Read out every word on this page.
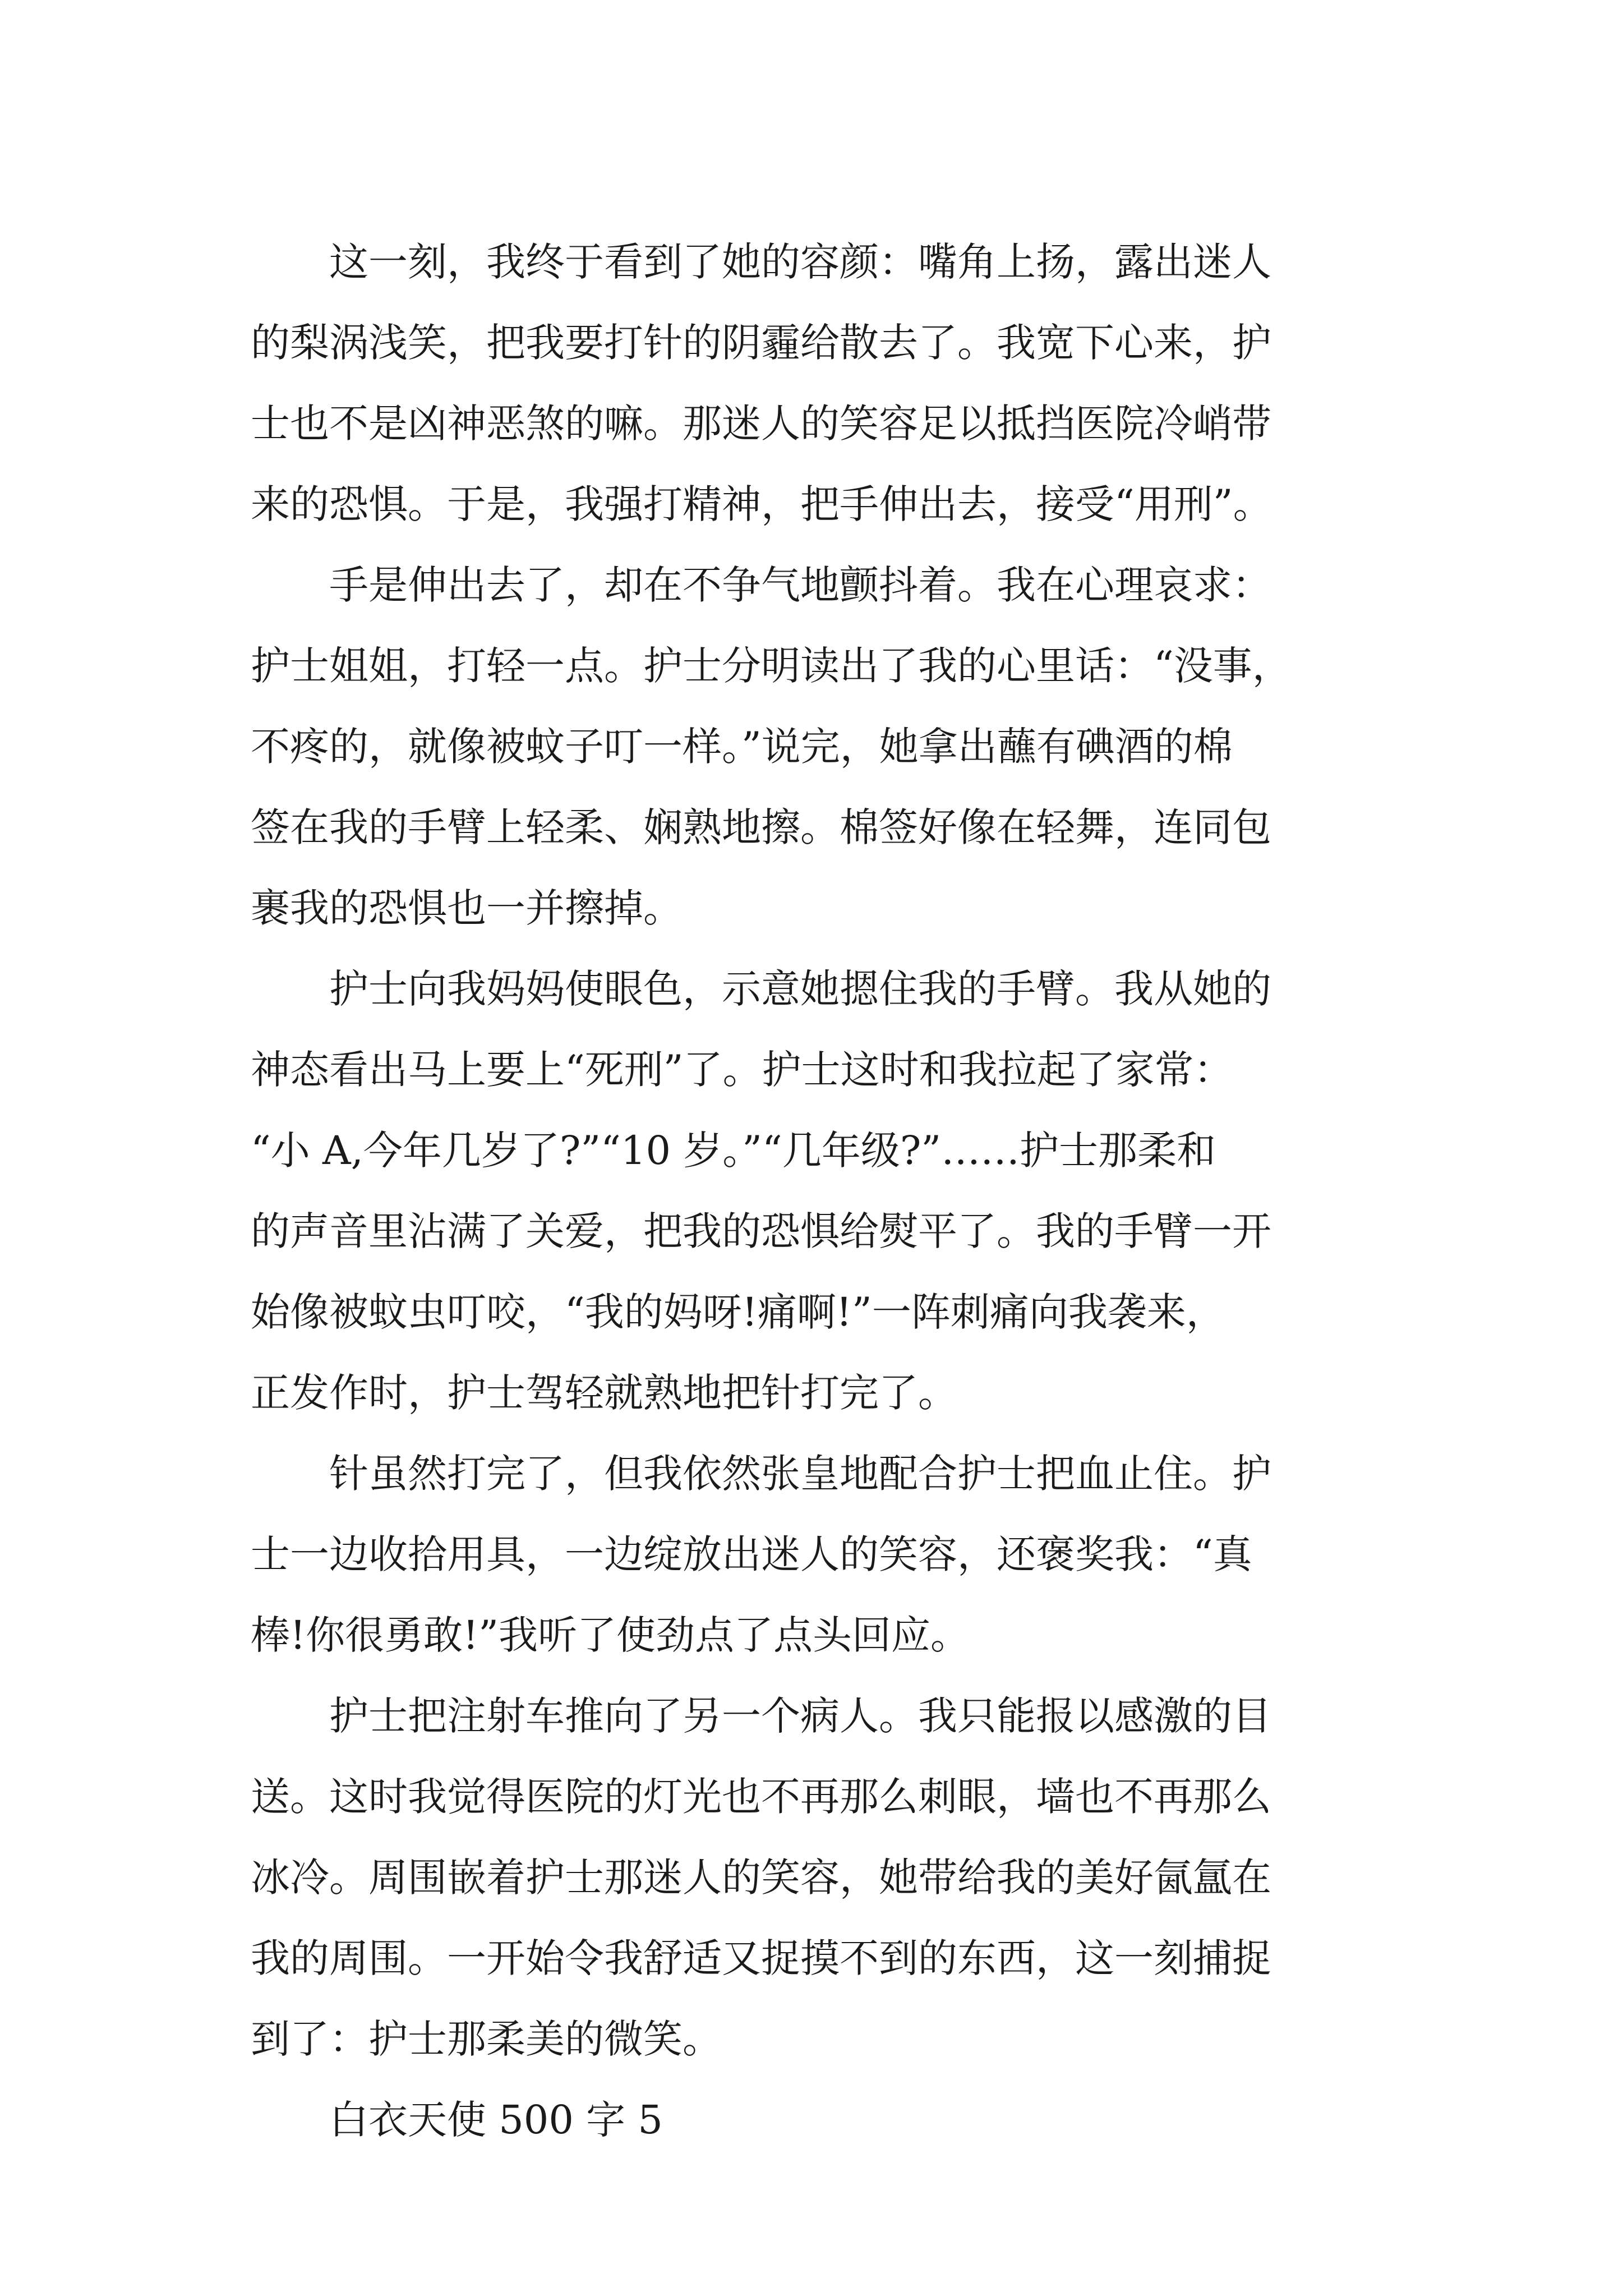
这一刻，我终于看到了她的容颜：嘴角上扬，露出迷人
的梨涡浅笑，把我要打针的阴霾给散去了。我宽下心来，护
士也不是凶神恶煞的嘛。那迷人的笑容足以抵挡医院冷峭带
来的恐惧。于是，我强打精神，把手伸出去，接受“用刑”。
手是伸出去了，却在不争气地颤抖着。我在心理哀求：
护士姐姐，打轻一点。护士分明读出了我的心里话：“没事，
不疼的，就像被蚊子叮一样。”说完，她拿出蘸有碘酒的棉
签在我的手臂上轻柔、娴熟地擦。棉签好像在轻舞，连同包
裹我的恐惧也一并擦掉。
护士向我妈妈使眼色，示意她摁住我的手臂。我从她的
神态看出马上要上“死刑”了。护士这时和我拉起了家常：
“小 A,今年几岁了?”“10 岁。”“几年级?”……护士那柔和
的声音里沾满了关爱，把我的恐惧给熨平了。我的手臂一开
始像被蚊虫叮咬，“我的妈呀!痛啊!”一阵刺痛向我袭来，
正发作时，护士驾轻就熟地把针打完了。
针虽然打完了，但我依然张皇地配合护士把血止住。护
士一边收拾用具，一边绽放出迷人的笑容，还褒奖我：“真
棒!你很勇敢!”我听了使劲点了点头回应。
护士把注射车推向了另一个病人。我只能报以感激的目
送。这时我觉得医院的灯光也不再那么刺眼，墙也不再那么
冰冷。周围嵌着护士那迷人的笑容，她带给我的美好氤氲在
我的周围。一开始令我舒适又捉摸不到的东西，这一刻捕捉
到了：护士那柔美的微笑。
白衣天使 500 字 5
